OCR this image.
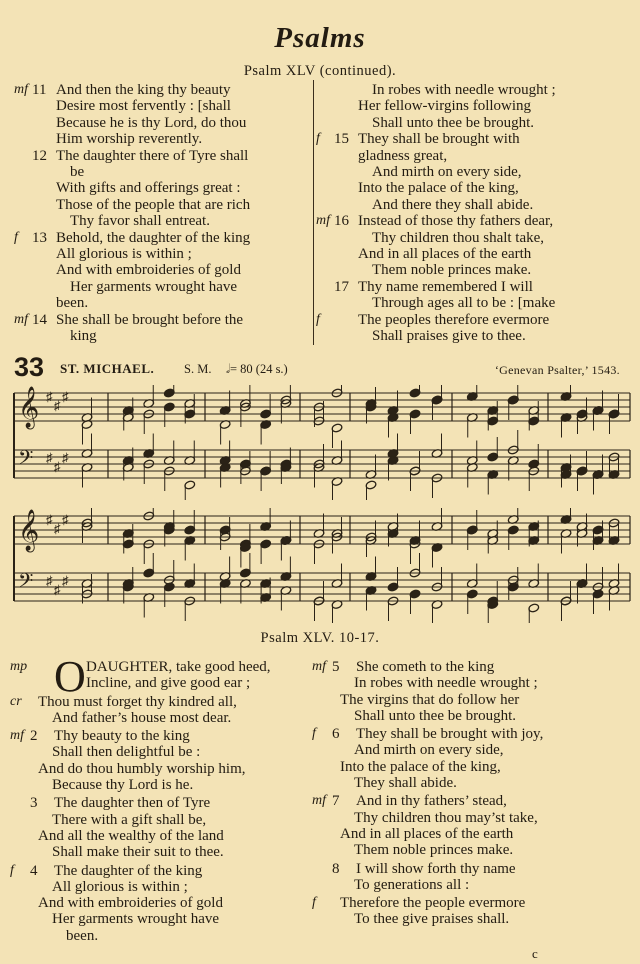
Psalms
Psalm XLV (continued).
mf 11 And then the king thy beauty
Desire most fervently : [shall
Because he is thy Lord, do thou
Him worship reverently.
12 The daughter there of Tyre shall
be
With gifts and offerings great :
Those of the people that are rich
Thy favor shall entreat.
f 13 Behold, the daughter of the king
All glorious is within ;
And with embroideries of gold
Her garments wrought have
been.
mf 14 She shall be brought before the
king
In robes with needle wrought ;
Her fellow-virgins following
Shall unto thee be brought.
f 15 They shall be brought with
gladness great,
And mirth on every side,
Into the palace of the king,
And there they shall abide.
mf 16 Instead of those thy fathers dear,
Thy children thou shalt take,
And in all places of the earth
Them noble princes make.
17 Thy name remembered I will
Through ages all to be : [make
f	The peoples therefore evermore
Shall praises give to thee.
33 ST. MICHAEL. S. M. 𝅗𝅥= 80 (24 s.)	‘Genevan Psalter,’ 1543.
𝄞 ♯
♯
♯
𝄢 ♯
♯
♯
𝄞 ♯
♯
♯
𝄢 ♯
♯
♯
Psalm XLV. 10-17.
mp O DAUGHTER, take good heed,
Incline, and give good ear ;
cr Thou must forget thy kindred all,
And father’s house most dear.
mf 2 Thy beauty to the king
Shall then delightful be :
And do thou humbly worship him,
Because thy Lord is he.
3 The daughter then of Tyre
There with a gift shall be,
And all the wealthy of the land
Shall make their suit to thee.
f 4 The daughter of the king
All glorious is within ;
And with embroideries of gold
Her garments wrought have
been.
mf 5 She cometh to the king
In robes with needle wrought ;
The virgins that do follow her
Shall unto thee be brought.
f 6 They shall be brought with joy,
And mirth on every side,
Into the palace of the king,
They shall abide.
mf 7 And in thy fathers’ stead,
Thy children thou may’st take,
And in all places of the earth
Them noble princes make.
8 I will show forth thy name
To generations all :
f Therefore the people evermore
To thee give praises shall.
c
